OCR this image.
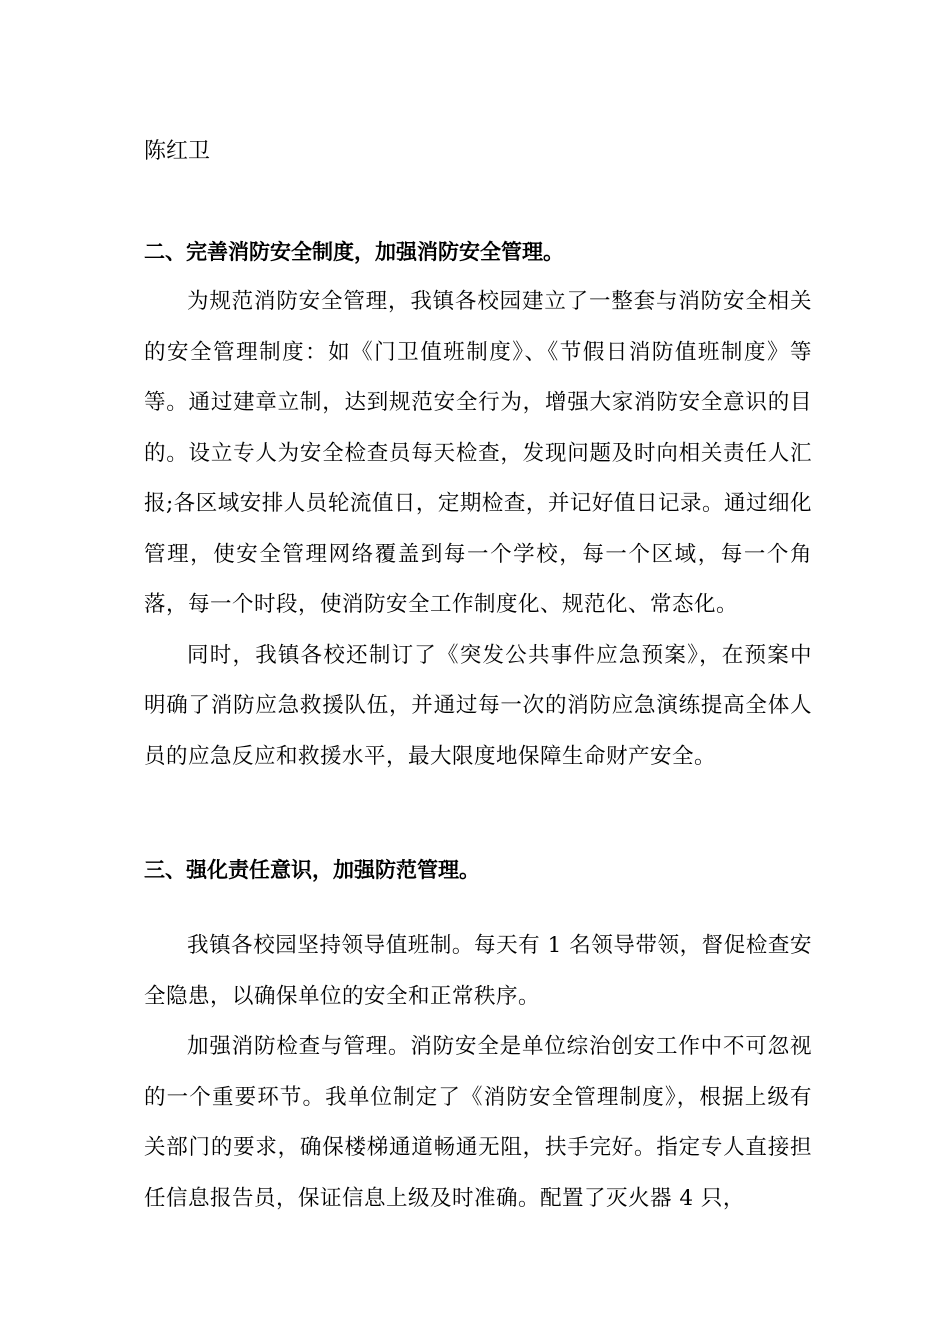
陈红卫

二、完善消防安全制度，加强消防安全管理。

为规范消防安全管理，我镇各校园建立了一整套与消防安全相关的安全管理制度：如《门卫值班制度》、《节假日消防值班制度》等等。通过建章立制，达到规范安全行为，增强大家消防安全意识的目的。设立专人为安全检查员每天检查，发现问题及时向相关责任人汇报;各区域安排人员轮流值日，定期检查，并记好值日记录。通过细化管理，使安全管理网络覆盖到每一个学校，每一个区域，每一个角落，每一个时段，使消防安全工作制度化、规范化、常态化。

同时，我镇各校还制订了《突发公共事件应急预案》，在预案中明确了消防应急救援队伍，并通过每一次的消防应急演练提高全体人员的应急反应和救援水平，最大限度地保障生命财产安全。

三、强化责任意识，加强防范管理。

我镇各校园坚持领导值班制。每天有 1 名领导带领，督促检查安全隐患，以确保单位的安全和正常秩序。

加强消防检查与管理。消防安全是单位综治创安工作中不可忽视的一个重要环节。我单位制定了《消防安全管理制度》，根据上级有关部门的要求，确保楼梯通道畅通无阻，扶手完好。指定专人直接担任信息报告员，保证信息上级及时准确。配置了灭火器 4 只，
